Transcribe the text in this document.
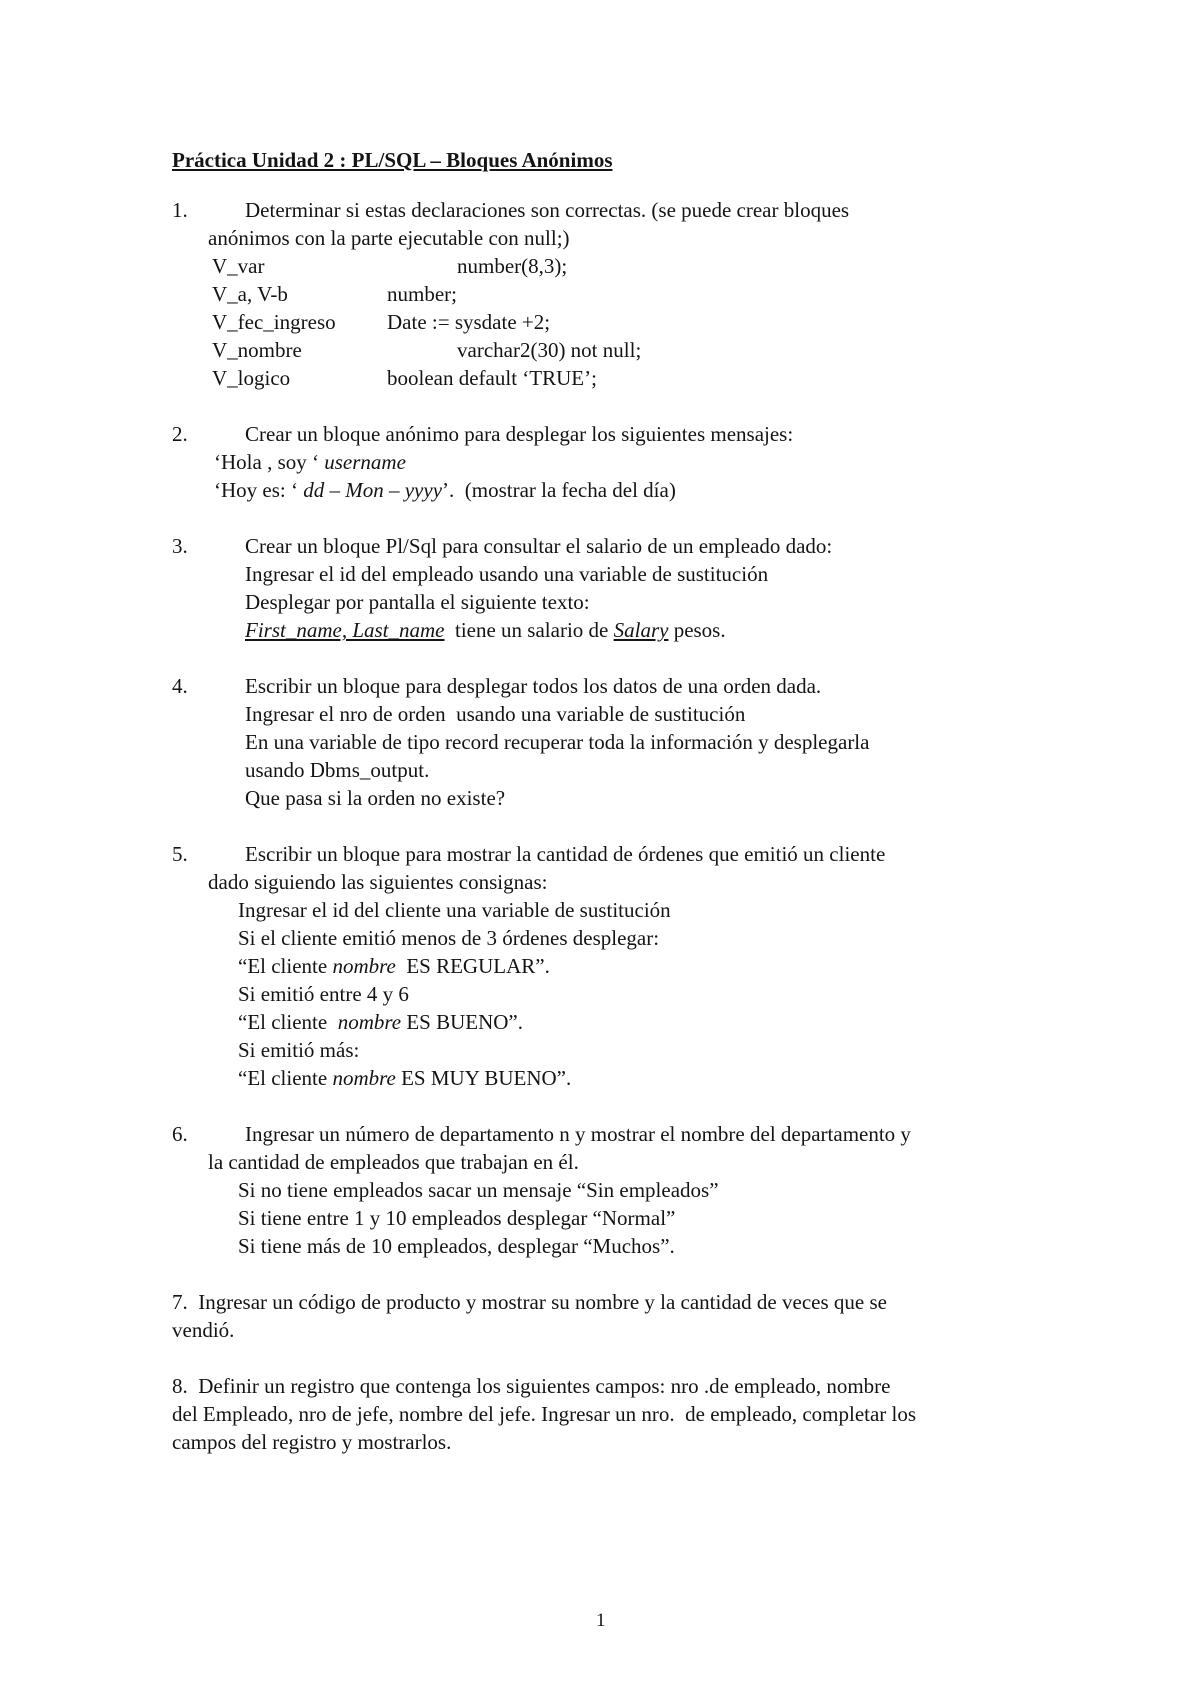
Práctica Unidad 2 : PL/SQL – Bloques Anónimos
1.	Determinar si estas declaraciones son correctas. (se puede crear bloques
anónimos con la parte ejecutable con null;)
V_var	number(8,3);
V_a, V-b	number;
V_fec_ingreso Date := sysdate +2;
V_nombre	varchar2(30) not null;
V_logico	boolean default ‘TRUE’;
2.	Crear un bloque anónimo para desplegar los siguientes mensajes:
‘Hola , soy ‘ username
‘Hoy es: ‘ dd – Mon – yyyy’.  (mostrar la fecha del día)
3.	Crear un bloque Pl/Sql para consultar el salario de un empleado dado:
Ingresar el id del empleado usando una variable de sustitución
Desplegar por pantalla el siguiente texto:
First_name, Last_name  tiene un salario de Salary pesos.
4.	Escribir un bloque para desplegar todos los datos de una orden dada.
Ingresar el nro de orden  usando una variable de sustitución
En una variable de tipo record recuperar toda la información y desplegarla
usando Dbms_output.
Que pasa si la orden no existe?
5.	Escribir un bloque para mostrar la cantidad de órdenes que emitió un cliente
dado siguiendo las siguientes consignas:
Ingresar el id del cliente una variable de sustitución
Si el cliente emitió menos de 3 órdenes desplegar:
“El cliente nombre  ES REGULAR”.
Si emitió entre 4 y 6
“El cliente  nombre ES BUENO”.
Si emitió más:
“El cliente nombre ES MUY BUENO”.
6.	Ingresar un número de departamento n y mostrar el nombre del departamento y
la cantidad de empleados que trabajan en él.
Si no tiene empleados sacar un mensaje “Sin empleados”
Si tiene entre 1 y 10 empleados desplegar “Normal”
Si tiene más de 10 empleados, desplegar “Muchos”.
7.  Ingresar un código de producto y mostrar su nombre y la cantidad de veces que se
vendió.
8.  Definir un registro que contenga los siguientes campos: nro .de empleado, nombre
del Empleado, nro de jefe, nombre del jefe. Ingresar un nro.  de empleado, completar los
campos del registro y mostrarlos.
1
